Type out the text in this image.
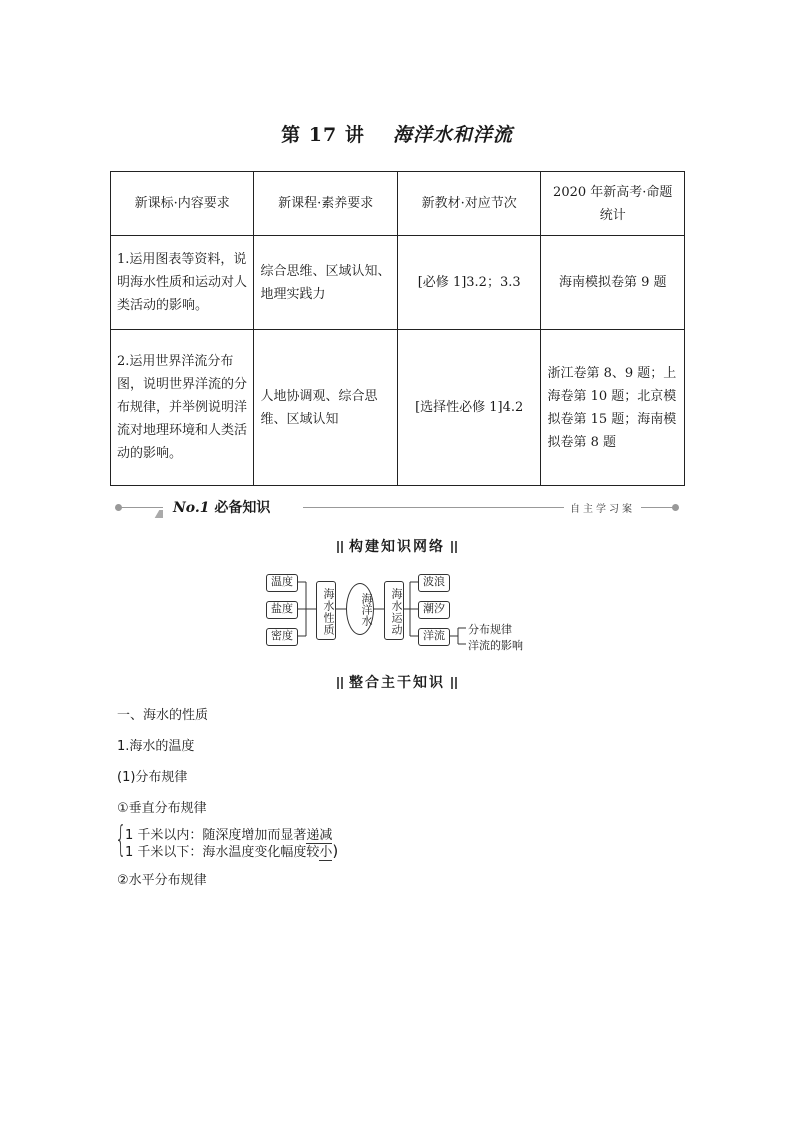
第 17 讲 海洋水和洋流
新课标·内容要求	新课程·素养要求	新教材·对应节次	2020 年新高考·命题统计
1.运用图表等资料，说明海水性质和运动对人类活动的影响。	综合思维、区域认知、地理实践力	[必修 1]3.2；3.3	海南模拟卷第 9 题
2.运用世界洋流分布图，说明世界洋流的分布规律，并举例说明洋流对地理环境和人类活动的影响。	人地协调观、综合思维、区域认知	[选择性必修 1]4.2	浙江卷第 8、9 题；上海卷第 10 题；北京模拟卷第 15 题；海南模拟卷第 8 题
No.1 必备知识	自主学习案
构建知识网络
温度
盐度
密度	海水性质	海洋水	海水运动
波浪
潮汐
洋流	分布规律
洋流的影响
整合主干知识
一、海水的性质
1.海水的温度
(1)分布规律
①垂直分布规律
{
1 千米以内：随深度增加而显著递减
1 千米以下：海水温度变化幅度较小)
②水平分布规律
